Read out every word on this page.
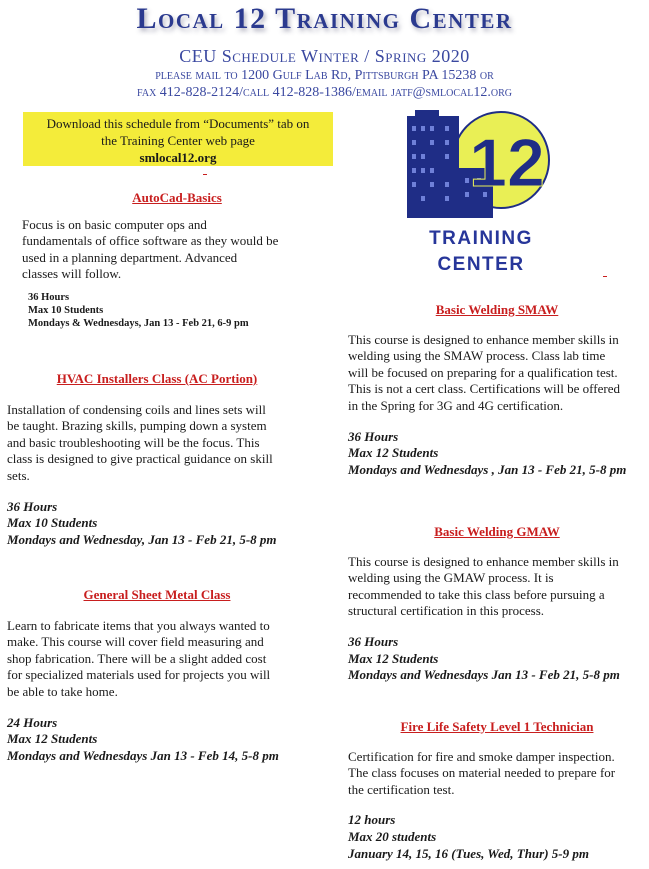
Local 12 Training Center
CEU Schedule Winter / Spring 2020
please mail to 1200 Gulf Lab Rd, Pittsburgh PA 15238 or
fax 412-828-2124/call 412-828-1386/email jatf@smlocal12.org
Download this schedule from “Documents” tab on
the Training Center web page
smlocal12.org	12
TRAINING
CENTER
AutoCad-Basics
Focus is on basic computer ops and
fundamentals of office software as they would be
used in a planning department. Advanced
classes will follow.
36 Hours
Max 10 Students
Mondays & Wednesdays, Jan 13 - Feb 21, 6-9 pm
HVAC Installers Class (AC Portion)
Installation of condensing coils and lines sets will
be taught. Brazing skills, pumping down a system
and basic troubleshooting will be the focus. This
class is designed to give practical guidance on skill
sets.
36 Hours
Max 10 Students
Mondays and Wednesday, Jan 13 - Feb 21, 5-8 pm
General Sheet Metal Class
Learn to fabricate items that you always wanted to
make. This course will cover field measuring and
shop fabrication. There will be a slight added cost
for specialized materials used for projects you will
be able to take home.
24 Hours
Max 12 Students
Mondays and Wednesdays Jan 13 - Feb 14, 5-8 pm
Basic Welding SMAW
This course is designed to enhance member skills in
welding using the SMAW process. Class lab time
will be focused on preparing for a qualification test.
This is not a cert class. Certifications will be offered
in the Spring for 3G and 4G certification.
36 Hours
Max 12 Students
Mondays and Wednesdays , Jan 13 - Feb 21, 5-8 pm
Basic Welding GMAW
This course is designed to enhance member skills in
welding using the GMAW process. It is
recommended to take this class before pursuing a
structural certification in this process.
36 Hours
Max 12 Students
Mondays and Wednesdays Jan 13 - Feb 21, 5-8 pm
Fire Life Safety Level 1 Technician
Certification for fire and smoke damper inspection.
The class focuses on material needed to prepare for
the certification test.
12 hours
Max 20 students
January 14, 15, 16 (Tues, Wed, Thur) 5-9 pm
